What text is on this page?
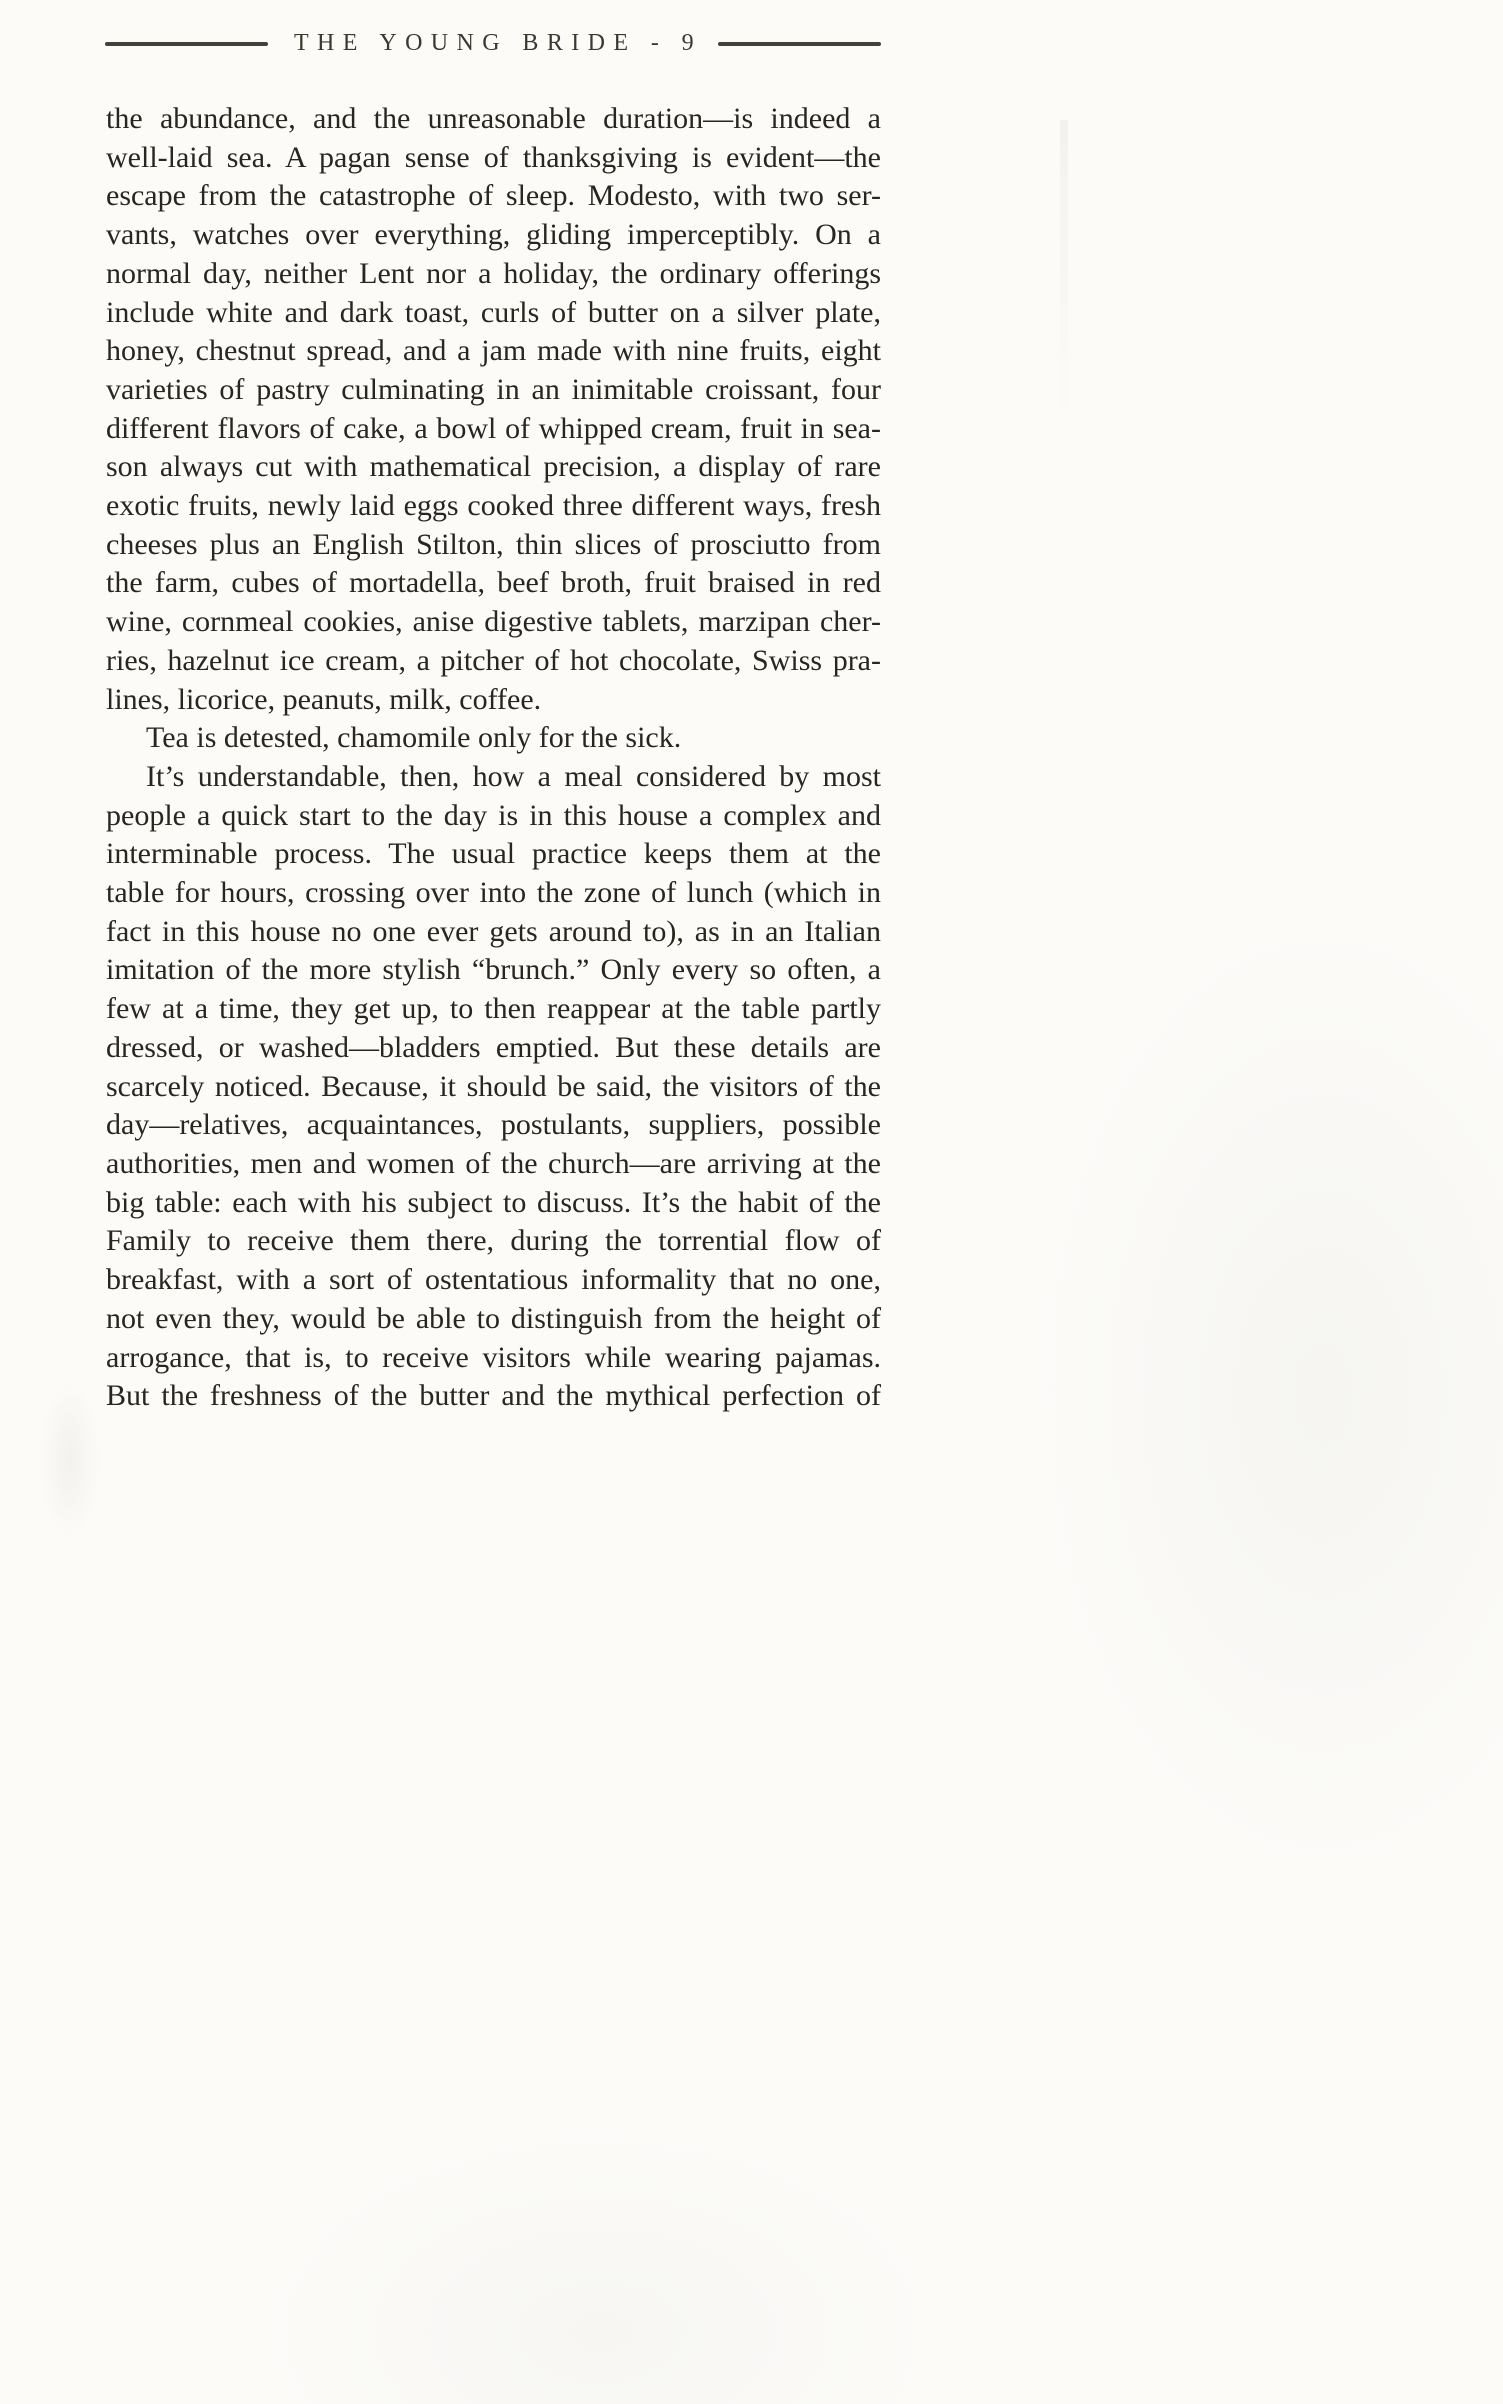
THE YOUNG BRIDE - 9
the abundance, and the unreasonable duration—is indeed a
well-laid sea. A pagan sense of thanksgiving is evident—the
escape from the catastrophe of sleep. Modesto, with two ser-
vants, watches over everything, gliding imperceptibly. On a
normal day, neither Lent nor a holiday, the ordinary offerings
include white and dark toast, curls of butter on a silver plate,
honey, chestnut spread, and a jam made with nine fruits, eight
varieties of pastry culminating in an inimitable croissant, four
different flavors of cake, a bowl of whipped cream, fruit in sea-
son always cut with mathematical precision, a display of rare
exotic fruits, newly laid eggs cooked three different ways, fresh
cheeses plus an English Stilton, thin slices of prosciutto from
the farm, cubes of mortadella, beef broth, fruit braised in red
wine, cornmeal cookies, anise digestive tablets, marzipan cher-
ries, hazelnut ice cream, a pitcher of hot chocolate, Swiss pra-
lines, licorice, peanuts, milk, coffee.
Tea is detested, chamomile only for the sick.
It’s understandable, then, how a meal considered by most
people a quick start to the day is in this house a complex and
interminable process. The usual practice keeps them at the
table for hours, crossing over into the zone of lunch (which in
fact in this house no one ever gets around to), as in an Italian
imitation of the more stylish “brunch.” Only every so often, a
few at a time, they get up, to then reappear at the table partly
dressed, or washed—bladders emptied. But these details are
scarcely noticed. Because, it should be said, the visitors of the
day—relatives, acquaintances, postulants, suppliers, possible
authorities, men and women of the church—are arriving at the
big table: each with his subject to discuss. It’s the habit of the
Family to receive them there, during the torrential flow of
breakfast, with a sort of ostentatious informality that no one,
not even they, would be able to distinguish from the height of
arrogance, that is, to receive visitors while wearing pajamas.
But the freshness of the butter and the mythical perfection of
